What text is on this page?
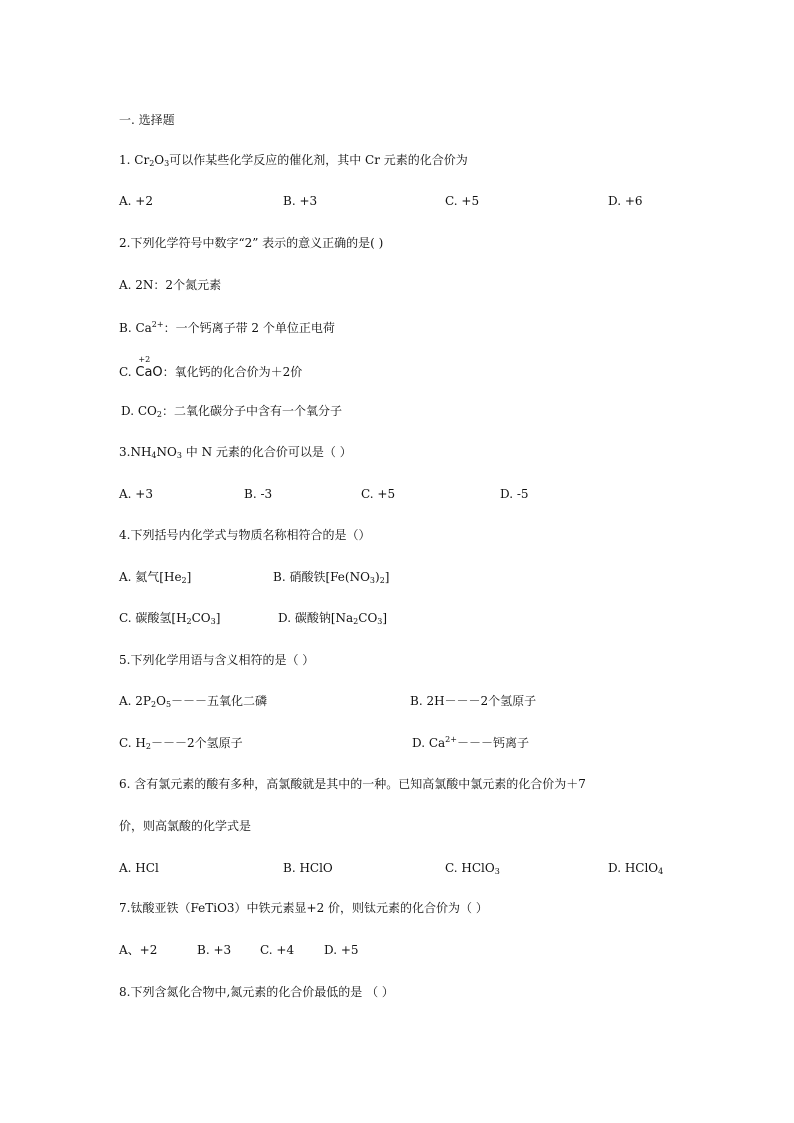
一. 选择题
1. $Cr_2O_3$可以作某些化学反应的催化剂，其中 Cr 元素的化合价为
A. +2	B. +3	C. +5	D. +6
2.下列化学符号中数字“2” 表示的意义正确的是( )
A. 2N：2个氮元素
B. $Ca^{2+}$：一个钙离子带 2 个单位正电荷
C.
+2
CaO：氧化钙的化合价为＋2价
D. $CO_2$：二氧化碳分子中含有一个氧分子
$3.NH_4NO_3$ 中 N 元素的化合价可以是（ ）
A. +3	B. -3	C. +5	D. -5
4.下列括号内化学式与物质名称相符合的是（）
A. 氦气$[He_2]$	B. 硝酸铁$[Fe(NO_3)_2]$
C. 碳酸氢$[H_2CO_3]$	D. 碳酸钠$[Na_2CO_3]$
5.下列化学用语与含义相符的是（ ）
A. $2P_2O_5---$五氧化二磷	B. 2H－－－2个氢原子
C. $H_2---2$个氢原子	D. $Ca^{2+}---$钙离子
6. 含有氯元素的酸有多种，高氯酸就是其中的一种。已知高氯酸中氯元素的化合价为＋7
价，则高氯酸的化学式是
A. HCl	B. HClO	C. HClO$_3$	D. HClO$_4$
7.钛酸亚铁（FeTiO3）中铁元素显+2 价，则钛元素的化合价为（ ）
A、+2	B. +3 C. +4 D. +5
8.下列含氮化合物中,氮元素的化合价最低的是 （ ）
